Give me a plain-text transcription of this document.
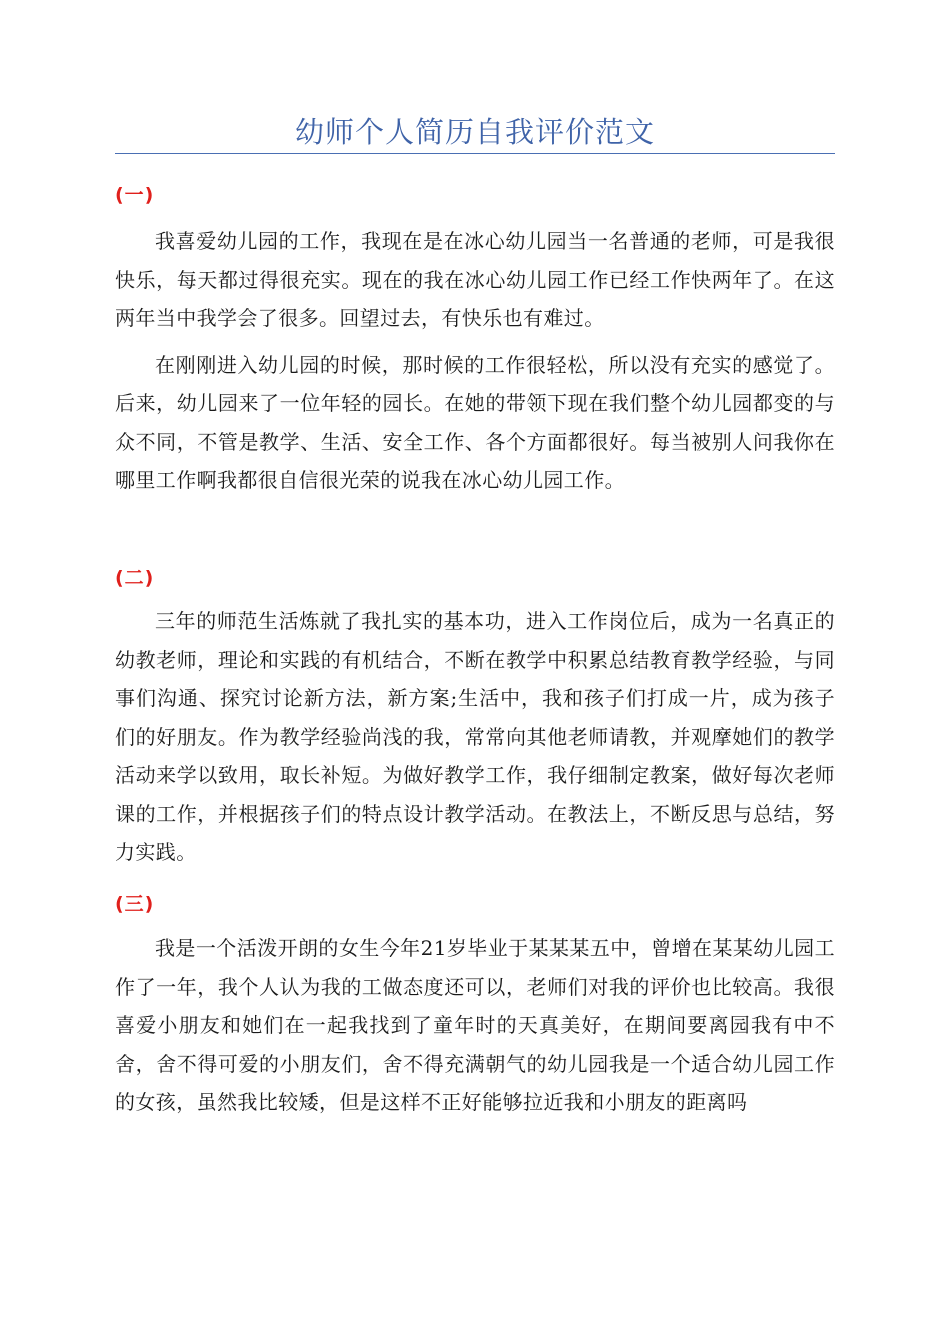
幼师个人简历自我评价范文
(一)

我喜爱幼儿园的工作，我现在是在冰心幼儿园当一名普通的老师，可是我很快乐，每天都过得很充实。现在的我在冰心幼儿园工作已经工作快两年了。在这两年当中我学会了很多。回望过去，有快乐也有难过。

在刚刚进入幼儿园的时候，那时候的工作很轻松，所以没有充实的感觉了。后来，幼儿园来了一位年轻的园长。在她的带领下现在我们整个幼儿园都变的与众不同，不管是教学、生活、安全工作、各个方面都很好。每当被别人问我你在哪里工作啊我都很自信很光荣的说我在冰心幼儿园工作。

(二)

三年的师范生活炼就了我扎实的基本功，进入工作岗位后，成为一名真正的幼教老师，理论和实践的有机结合，不断在教学中积累总结教育教学经验，与同事们沟通、探究讨论新方法，新方案;生活中，我和孩子们打成一片，成为孩子们的好朋友。作为教学经验尚浅的我，常常向其他老师请教，并观摩她们的教学活动来学以致用，取长补短。为做好教学工作，我仔细制定教案，做好每次老师课的工作，并根据孩子们的特点设计教学活动。在教法上，不断反思与总结，努力实践。

(三)

我是一个活泼开朗的女生今年21岁毕业于某某某五中，曾增在某某幼儿园工作了一年，我个人认为我的工做态度还可以，老师们对我的评价也比较高。我很喜爱小朋友和她们在一起我找到了童年时的天真美好，在期间要离园我有中不舍，舍不得可爱的小朋友们，舍不得充满朝气的幼儿园我是一个适合幼儿园工作的女孩，虽然我比较矮，但是这样不正好能够拉近我和小朋友的距离吗
